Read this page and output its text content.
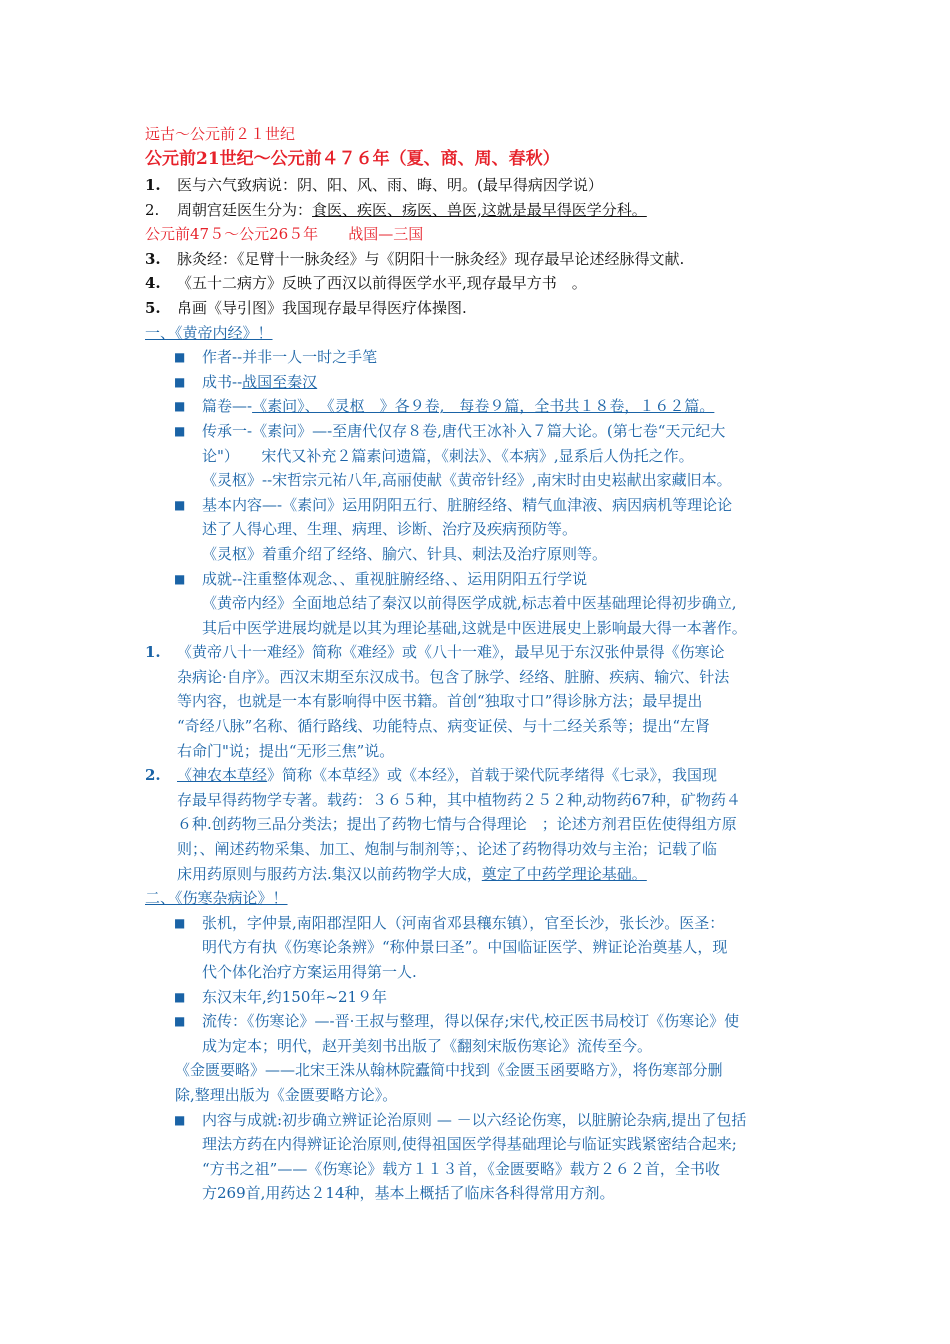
远古～公元前２１世纪
公元前21世纪～公元前４７６年（夏、商、周、春秋）
1. 医与六气致病说：阴、阳、风、雨、晦、明。(最早得病因学说）
2. 周朝宫廷医生分为：食医、疾医、疡医、兽医,这就是最早得医学分科。
公元前47５～公元26５年　　 战国—三国
3. 脉灸经：《足臂十一脉灸经》与《阴阳十一脉灸经》现存最早论述经脉得文献.
4. 《五十二病方》反映了西汉以前得医学水平,现存最早方书　。
5. 帛画《导引图》我国现存最早得医疗体操图.
一、《黄帝内经》！
■ 作者--并非一人一时之手笔
■ 成书--战国至秦汉
■ 篇卷—-《素问》、　《灵枢　》各９卷,　每卷９篇，全书共１８卷，１６２篇。
■ 传承一-《素问》—-至唐代仅存８卷,唐代王冰补入７篇大论。(第七卷“天元纪大
论"）　　宋代又补充２篇素问遗篇，《刺法》、《本病》,显系后人伪托之作。
《灵枢》--宋哲宗元祐八年,高丽使献《黄帝针经》,南宋时由史崧献出家藏旧本。
■ 基本内容—-《素问》运用阴阳五行、脏腑经络、精气血津液、病因病机等理论论
述了人得心理、生理、病理、诊断、治疗及疾病预防等。
《灵枢》着重介绍了经络、腧穴、针具、刺法及治疗原则等。
■ 成就--注重整体观念、、重视脏腑经络、、运用阴阳五行学说
《黄帝内经》全面地总结了秦汉以前得医学成就,标志着中医基础理论得初步确立,
其后中医学进展均就是以其为理论基础,这就是中医进展史上影响最大得一本著作。
1. 《黄帝八十一难经》简称《难经》或《八十一难》，最早见于东汉张仲景得《伤寒论
杂病论·自序》。西汉末期至东汉成书。包含了脉学、经络、脏腑、疾病、输穴、针法
等内容，也就是一本有影响得中医书籍。首创“独取寸口”得诊脉方法；最早提出
“奇经八脉”名称、循行路线、功能特点、病变证侯、与十二经关系等；提出“左肾
右命门"说；提出“无形三焦”说。
2. 《神农本草经》简称《本草经》或《本经》，首载于梁代阮孝绪得《七录》，我国现
存最早得药物学专著。载药：３６５种，其中植物药２５２种,动物药67种，矿物药４
６种.创药物三品分类法；提出了药物七情与合得理论　；论述方剂君臣佐使得组方原
则；、阐述药物采集、加工、炮制与制剂等；、论述了药物得功效与主治；记载了临
床用药原则与服药方法.集汉以前药物学大成，奠定了中药学理论基础。
二、《伤寒杂病论》！
■ 张机，字仲景,南阳郡涅阳人（河南省邓县穰东镇），官至长沙，张长沙。医圣：
明代方有执《伤寒论条辨》“称仲景曰圣”。中国临证医学、辨证论治奠基人，现
代个体化治疗方案运用得第一人.
■ 东汉末年,约150年~21９年
■ 流传：《伤寒论》—-晋·王叔与整理，得以保存;宋代,校正医书局校订《伤寒论》使
成为定本；明代，赵开美刻书出版了《翻刻宋版伤寒论》流传至今。
《金匮要略》——北宋王洙从翰林院蠹简中找到《金匮玉函要略方》，将伤寒部分删
除,整理出版为《金匮要略方论》。
■ 内容与成就:初步确立辨证论治原则 — －以六经论伤寒，以脏腑论杂病,提出了包括
理法方药在内得辨证论治原则,使得祖国医学得基础理论与临证实践紧密结合起来;
“方书之祖”——《伤寒论》载方１１３首，《金匮要略》载方２６２首，全书收
方269首,用药达２14种，基本上概括了临床各科得常用方剂。
